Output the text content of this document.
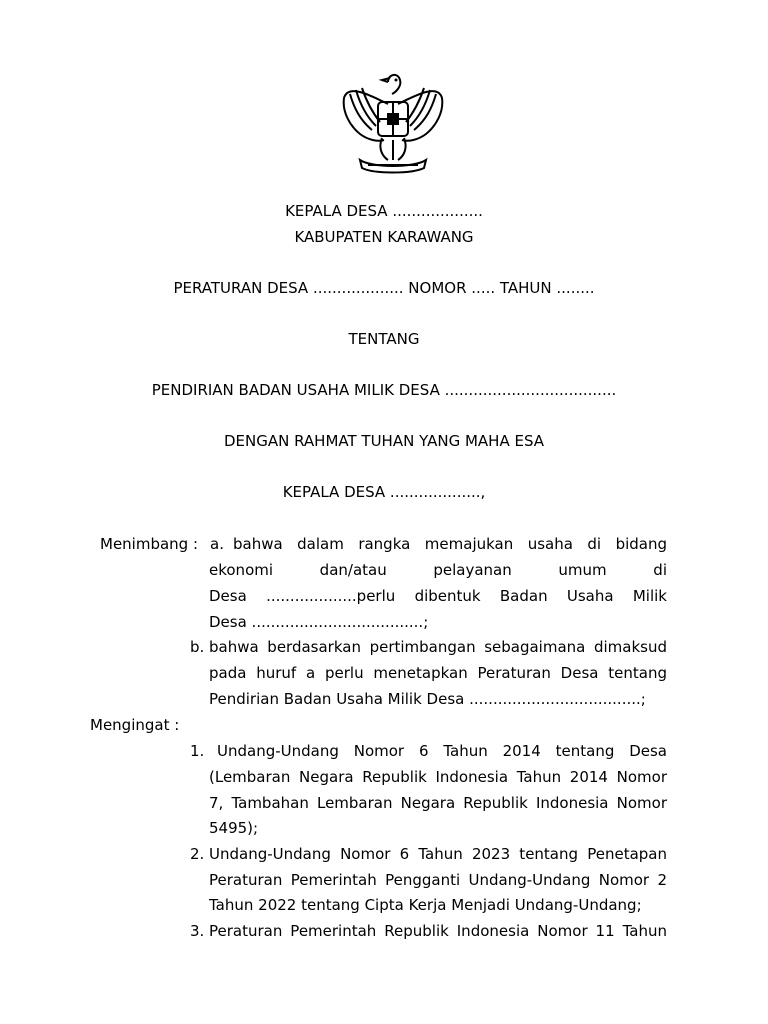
KEPALA DESA ...................
KABUPATEN KARAWANG
PERATURAN DESA ................... NOMOR ..... TAHUN ........
TENTANG
PENDIRIAN BADAN USAHA MILIK DESA ....................................
DENGAN RAHMAT TUHAN YANG MAHA ESA
KEPALA DESA ...................,
Menimbang : a. bahwa dalam rangka memajukan usaha di bidang
ekonomi dan/atau pelayanan umum di
Desa ...................perlu dibentuk Badan Usaha Milik
Desa ....................................;
b. bahwa berdasarkan pertimbangan sebagaimana dimaksud
pada huruf a perlu menetapkan Peraturan Desa tentang
Pendirian Badan Usaha Milik Desa ....................................;
Mengingat :
1. Undang-Undang Nomor 6 Tahun 2014 tentang Desa
(Lembaran Negara Republik Indonesia Tahun 2014 Nomor
7, Tambahan Lembaran Negara Republik Indonesia Nomor
5495);
2. Undang-Undang Nomor 6 Tahun 2023 tentang Penetapan
Peraturan Pemerintah Pengganti Undang-Undang Nomor 2
Tahun 2022 tentang Cipta Kerja Menjadi Undang-Undang;
3. Peraturan Pemerintah Republik Indonesia Nomor 11 Tahun
